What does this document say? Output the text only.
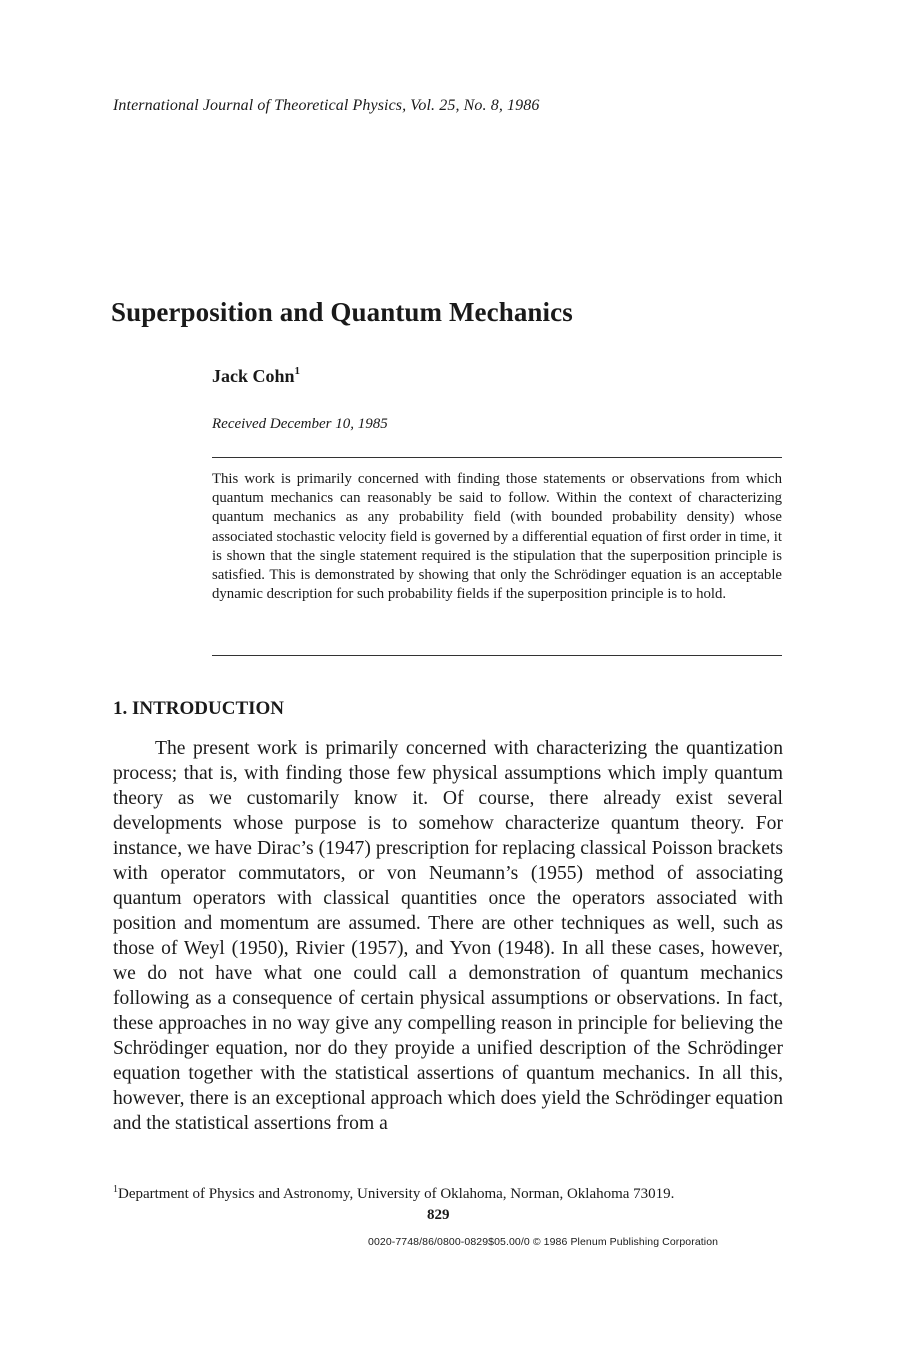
International Journal of Theoretical Physics, Vol. 25, No. 8, 1986
Superposition and Quantum Mechanics
Jack Cohn$^1$
Received December 10, 1985
This work is primarily concerned with finding those statements or observations from which quantum mechanics can reasonably be said to follow. Within the context of characterizing quantum mechanics as any probability field (with bounded probability density) whose associated stochastic velocity field is governed by a differential equation of first order in time, it is shown that the single statement required is the stipulation that the superposition principle is satisfied. This is demonstrated by showing that only the Schrödinger equation is an acceptable dynamic description for such probability fields if the superposition principle is to hold.
1. INTRODUCTION
The present work is primarily concerned with characterizing the quantization process; that is, with finding those few physical assumptions which imply quantum theory as we customarily know it. Of course, there already exist several developments whose purpose is to somehow characterize quantum theory. For instance, we have Dirac’s (1947) prescription for replacing classical Poisson brackets with operator commutators, or von Neumann’s (1955) method of associating quantum operators with classical quantities once the operators associated with position and momentum are assumed. There are other techniques as well, such as those of Weyl (1950), Rivier (1957), and Yvon (1948). In all these cases, however, we do not have what one could call a demonstration of quantum mechanics following as a consequence of certain physical assumptions or observations. In fact, these approaches in no way give any compelling reason in principle for believing the Schrödinger equation, nor do they proyide a unified description of the Schrödinger equation together with the statistical assertions of quantum mechanics. In all this, however, there is an exceptional approach which does yield the Schrödinger equation and the statistical assertions from a
$^1$Department of Physics and Astronomy, University of Oklahoma, Norman, Oklahoma 73019.
829
0020-7748/86/0800-0829$05.00/0 © 1986 Plenum Publishing Corporation
